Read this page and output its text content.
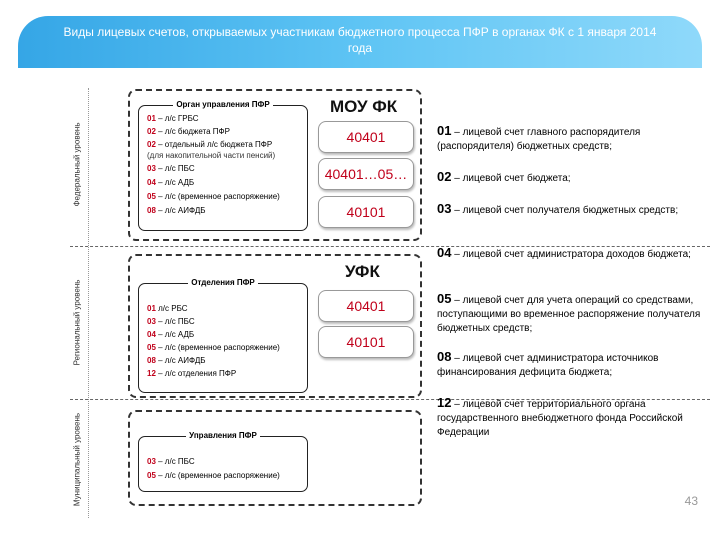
Виды лицевых счетов, открываемых участникам бюджетного процесса ПФР в органах ФК с 1 января 2014 года
Федеральный уровень
Региональный уровень
Муниципальный уровень
Орган управления ПФР
01 – л/с ГРБС
02 – л/с бюджета ПФР
02 – отдельный л/с бюджета ПФР
(для накопительной части пенсий)
03 – л/с ПБС
04 – л/с АДБ
05 – л/с (временное распоряжение)
08 – л/с АИФДБ
МОУ ФК
40401
40401…05…
40101
Отделения ПФР
01 л/с РБС
03 – л/с ПБС
04 – л/с АДБ
05 – л/с (временное распоряжение)
08 – л/с АИФДБ
12 – л/с отделения ПФР
УФК
40401
40101
Управления ПФР
03 – л/с ПБС
05 – л/с (временное распоряжение)
01 – лицевой счет главного распорядителя (распорядителя) бюджетных средств;
02 – лицевой счет бюджета;
03 – лицевой счет получателя бюджетных средств;
04 – лицевой счет администратора доходов бюджета;
05 – лицевой счет для учета операций со средствами, поступающими во временное распоряжение получателя бюджетных средств;
08 – лицевой счет администратора источников финансирования дефицита бюджета;
12 – лицевой счет территориального органа государственного внебюджетного фонда Российской Федерации
43
